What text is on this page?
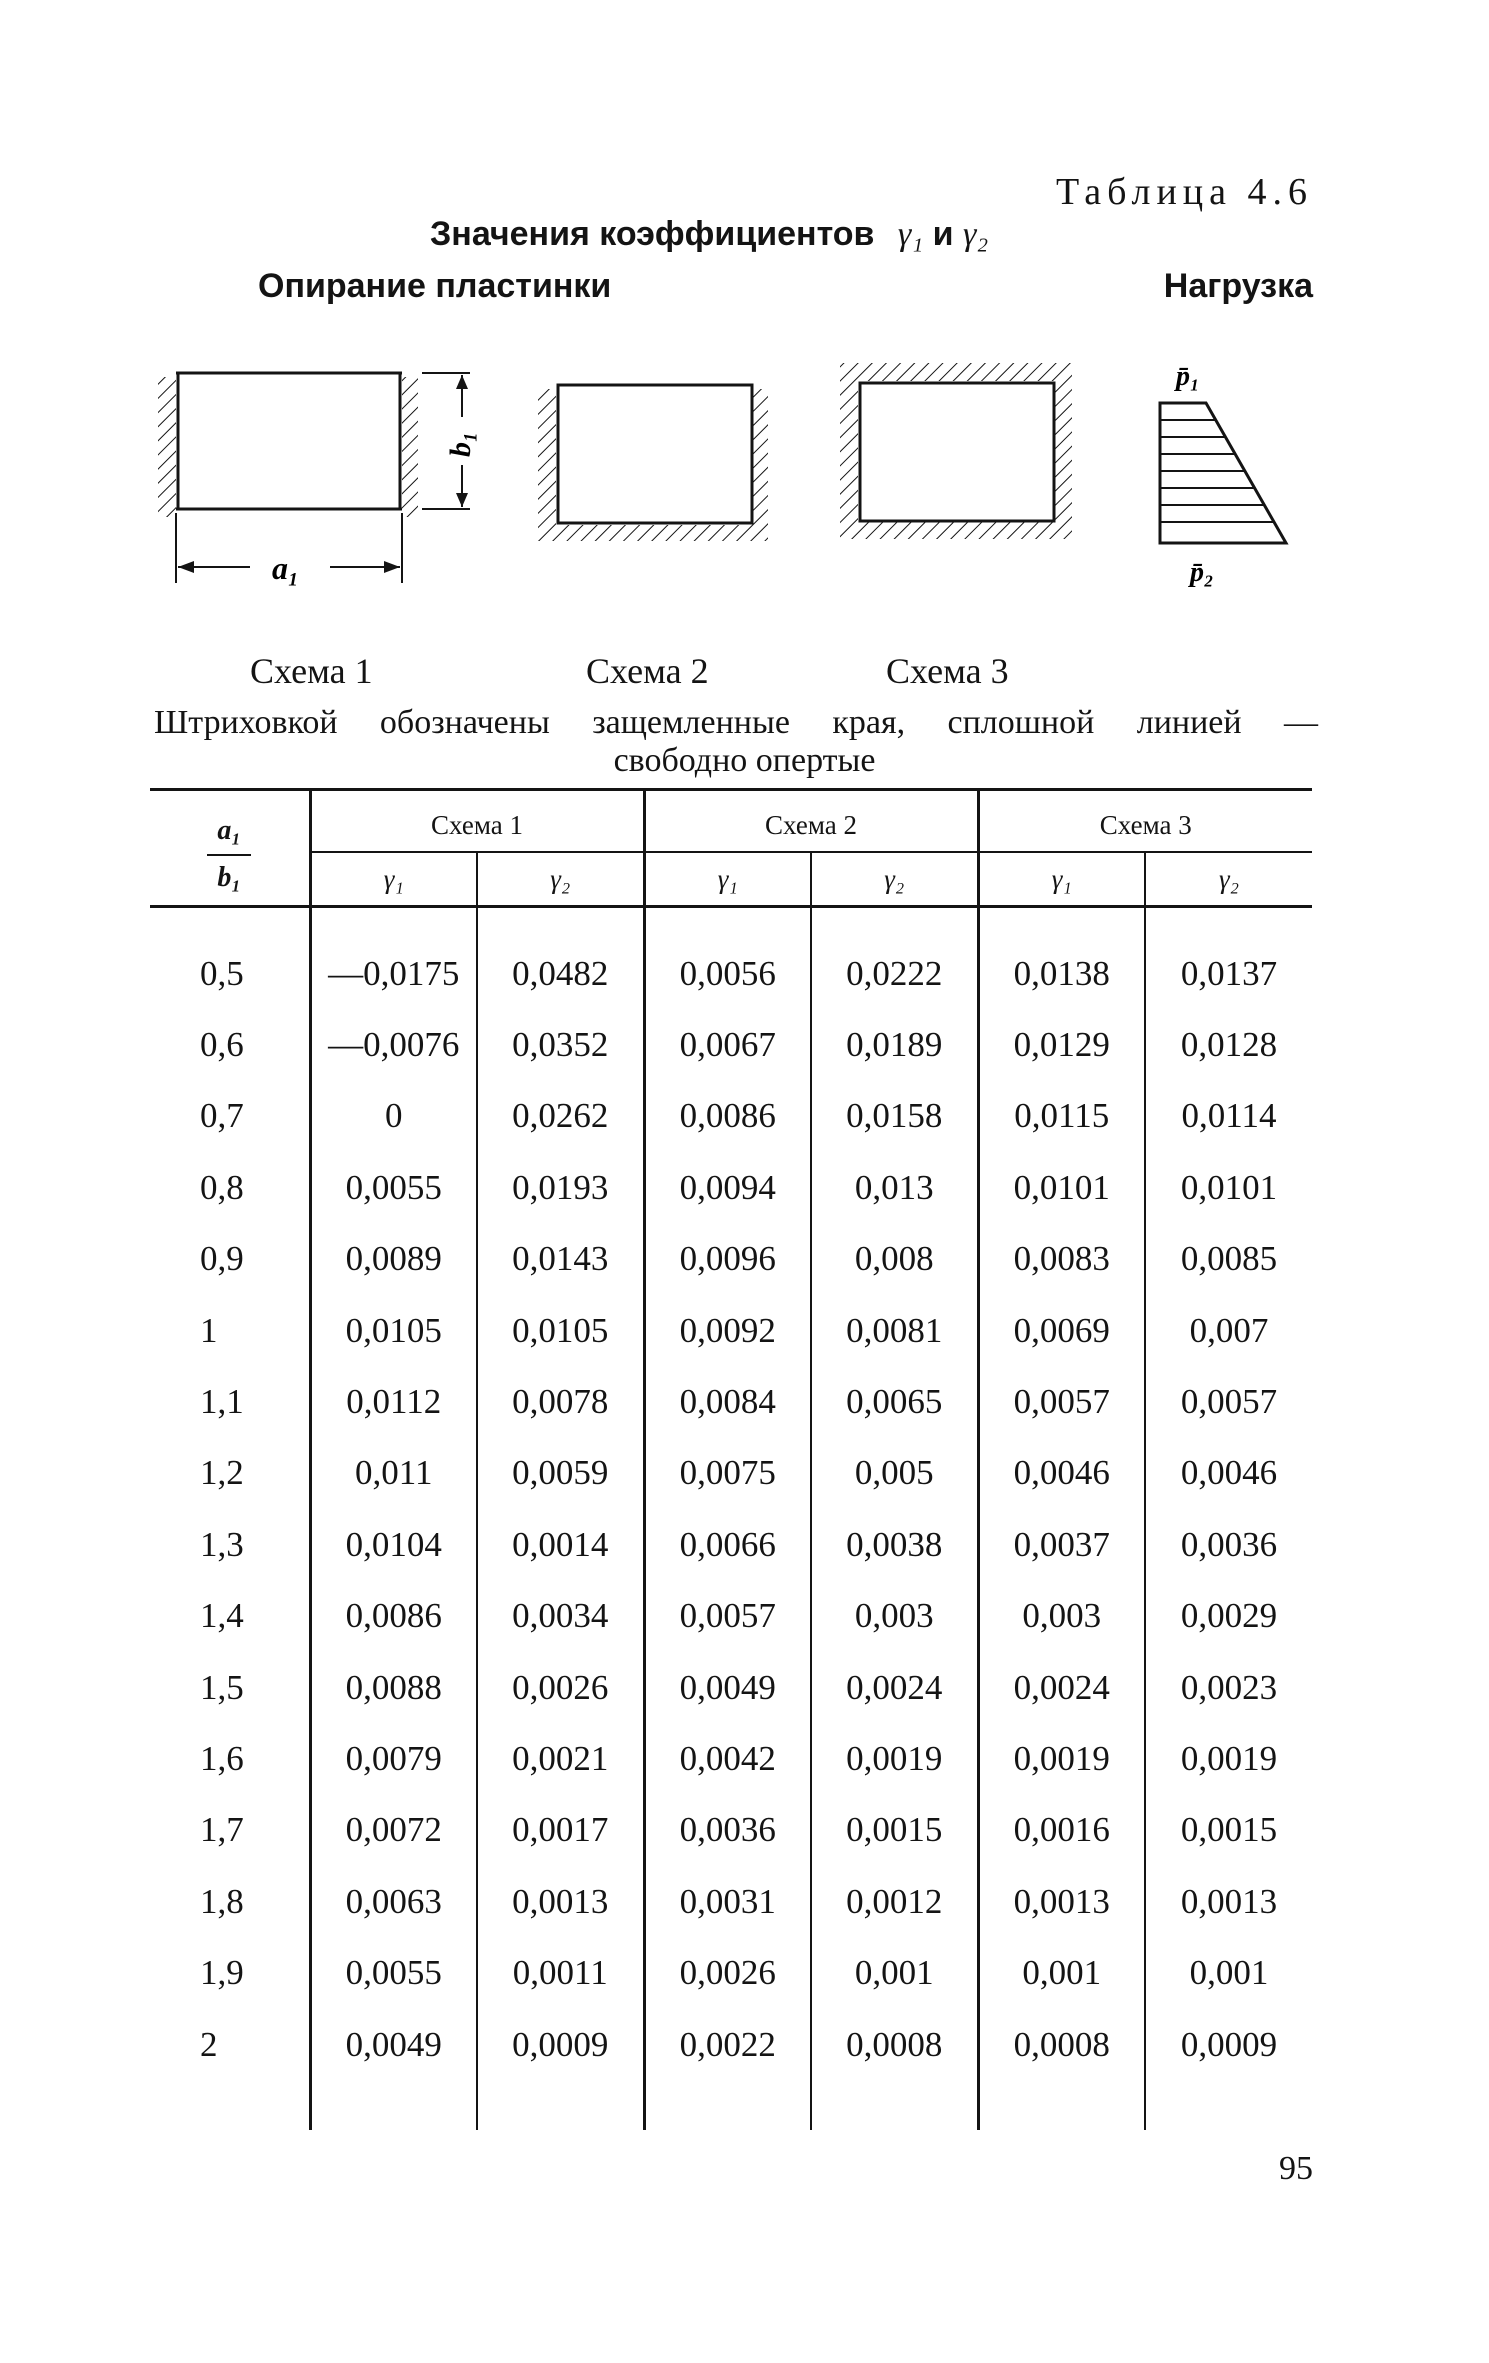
Таблица 4.6
Значения коэффициентов γ₁ и γ₂
Опирание пластинки	Нагрузка
b₁
a₁
p̄₁
p̄₂
Схема 1	Схема 2	Схема 3
Штриховкой обозначены защемленные края, сплошной линией —
свободно опертые
$\frac{\text{a₁}}{\text{b₁}}$	Схема 1		Схема 2		Схема 3	
	γ₁	γ₂	γ₁	γ₂	γ₁	γ₂

0,5	—0,0175	0,0482	0,0056	0,0222	0,0138	0,0137
0,6	—0,0076	0,0352	0,0067	0,0189	0,0129	0,0128
0,7	0	0,0262	0,0086	0,0158	0,0115	0,0114
0,8	0,0055	0,0193	0,0094	0,013	0,0101	0,0101
0,9	0,0089	0,0143	0,0096	0,008	0,0083	0,0085
1	0,0105	0,0105	0,0092	0,0081	0,0069	0,007
1,1	0,0112	0,0078	0,0084	0,0065	0,0057	0,0057
1,2	0,011	0,0059	0,0075	0,005	0,0046	0,0046
1,3	0,0104	0,0014	0,0066	0,0038	0,0037	0,0036
1,4	0,0086	0,0034	0,0057	0,003	0,003	0,0029
1,5	0,0088	0,0026	0,0049	0,0024	0,0024	0,0023
1,6	0,0079	0,0021	0,0042	0,0019	0,0019	0,0019
1,7	0,0072	0,0017	0,0036	0,0015	0,0016	0,0015
1,8	0,0063	0,0013	0,0031	0,0012	0,0013	0,0013
1,9	0,0055	0,0011	0,0026	0,001	0,001	0,001
2	0,0049	0,0009	0,0022	0,0008	0,0008	0,0009

95
